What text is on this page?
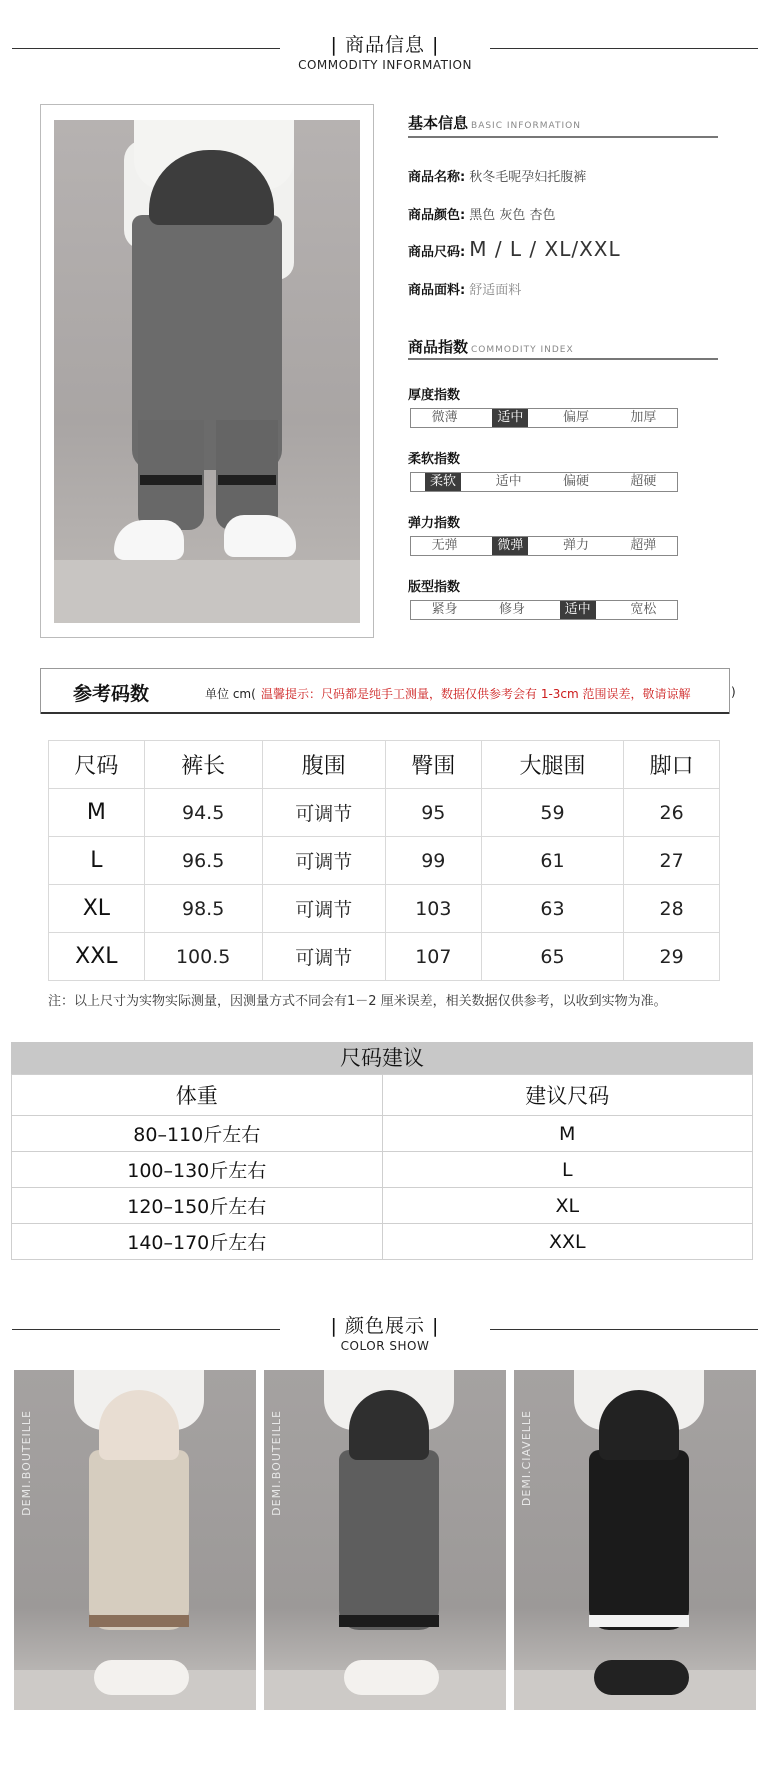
| 商品信息 |
COMMODITY INFORMATION
基本信息 BASIC INFORMATION
商品名称: 秋冬毛呢孕妇托腹裤
商品颜色: 黑色 灰色 杏色
商品尺码: M / L / XL/XXL
商品面料: 舒适面料
商品指数 COMMODITY INDEX
厚度指数
微薄	适中	偏厚	加厚
柔软指数
柔软	适中	偏硬	超硬
弹力指数
无弹	微弹	弹力	超弹
版型指数
紧身	修身	适中	宽松
参考码数	单位 cm( 温馨提示：尺码都是纯手工测量，数据仅供参考会有 1-3cm 范围误差，敬请谅解	)
尺码	裤长	腹围	臀围	大腿围	脚口
M	94.5	可调节	95	59	26
L	96.5	可调节	99	61	27
XL	98.5	可调节	103	63	28
XXL	100.5	可调节	107	65	29
注：以上尺寸为实物实际测量，因测量方式不同会有1－2 厘米误差，相关数据仅供参考，以收到实物为准。
尺码建议
体重	建议尺码
80–110斤左右	M
100–130斤左右	L
120–150斤左右	XL
140–170斤左右	XXL
| 颜色展示 |
COLOR SHOW
DEMI.BOUTEILLE	DEMI.BOUTEILLE	DEMI.CIAVELLE
